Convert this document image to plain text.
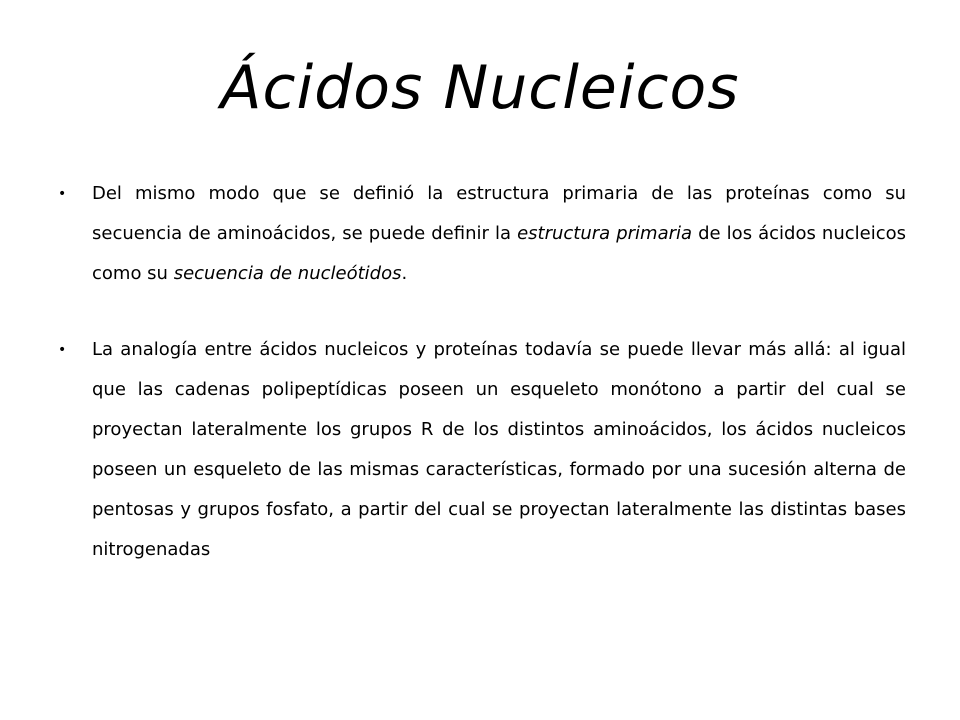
Ácidos Nucleicos
• Del mismo modo que se definió la estructura primaria de las proteínas como su secuencia de aminoácidos, se puede definir la estructura primaria de los ácidos nucleicos como su secuencia de nucleótidos.
• La analogía entre ácidos nucleicos y proteínas todavía se puede llevar más allá: al igual que las cadenas polipeptídicas poseen un esqueleto monótono a partir del cual se proyectan lateralmente los grupos R de los distintos aminoácidos, los ácidos nucleicos poseen un esqueleto de las mismas características, formado por una sucesión alterna de pentosas y grupos fosfato, a partir del cual se proyectan lateralmente las distintas bases nitrogenadas
